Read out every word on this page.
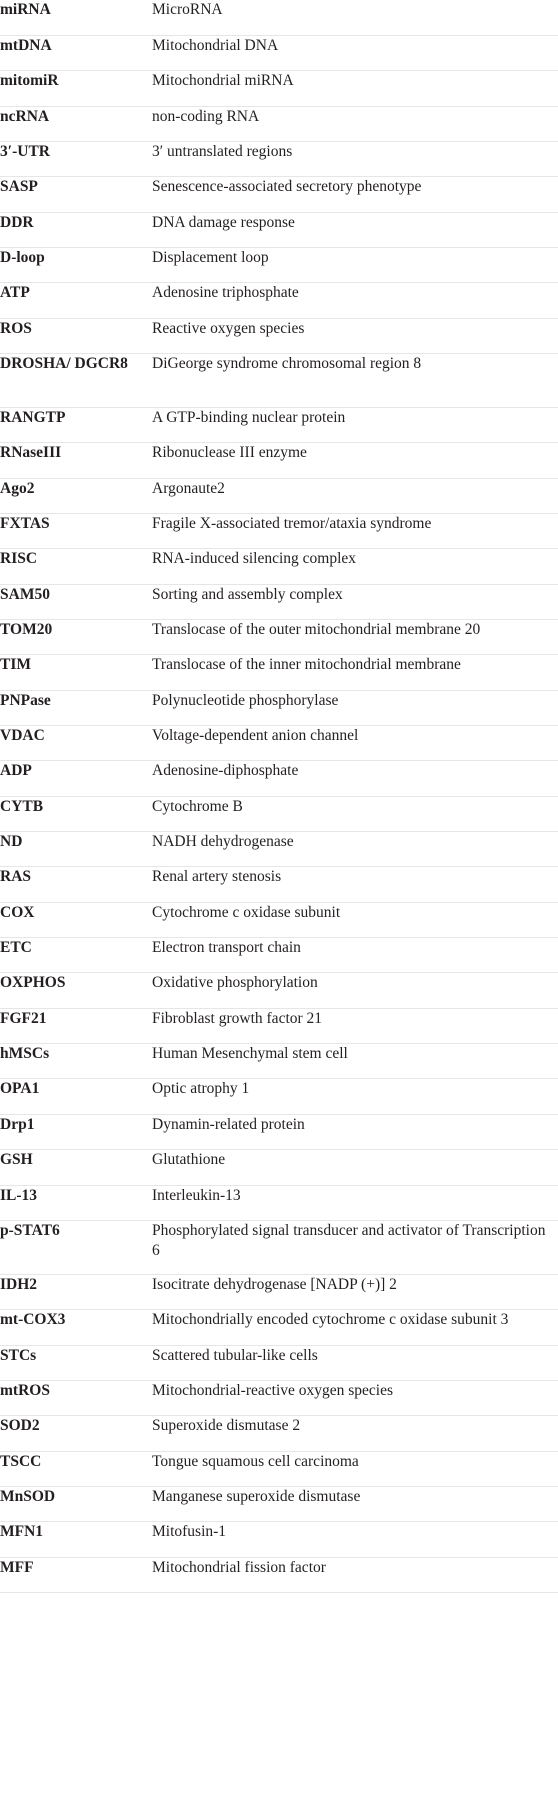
miRNA	MicroRNA
mtDNA	Mitochondrial DNA
mitomiR	Mitochondrial miRNA
ncRNA	non-coding RNA
3′-UTR	3′ untranslated regions
SASP	Senescence-associated secretory phenotype
DDR	DNA damage response
D-loop	Displacement loop
ATP	Adenosine triphosphate
ROS	Reactive oxygen species
DROSHA/ DGCR8	DiGeorge syndrome chromosomal region 8
RANGTP	A GTP-binding nuclear protein
RNaseIII	Ribonuclease III enzyme
Ago2	Argonaute2
FXTAS	Fragile X-associated tremor/ataxia syndrome
RISC	RNA-induced silencing complex
SAM50	Sorting and assembly complex
TOM20	Translocase of the outer mitochondrial membrane 20
TIM	Translocase of the inner mitochondrial membrane
PNPase	Polynucleotide phosphorylase
VDAC	Voltage-dependent anion channel
ADP	Adenosine-diphosphate
CYTB	Cytochrome B
ND	NADH dehydrogenase
RAS	Renal artery stenosis
COX	Cytochrome c oxidase subunit
ETC	Electron transport chain
OXPHOS	Oxidative phosphorylation
FGF21	Fibroblast growth factor 21
hMSCs	Human Mesenchymal stem cell
OPA1	Optic atrophy 1
Drp1	Dynamin-related protein
GSH	Glutathione
IL-13	Interleukin-13
p-STAT6	Phosphorylated signal transducer and activator of Transcription 6
IDH2	Isocitrate dehydrogenase [NADP (+)] 2
mt-COX3	Mitochondrially encoded cytochrome c oxidase subunit 3
STCs	Scattered tubular-like cells
mtROS	Mitochondrial-reactive oxygen species
SOD2	Superoxide dismutase 2
TSCC	Tongue squamous cell carcinoma
MnSOD	Manganese superoxide dismutase
MFN1	Mitofusin-1
MFF	Mitochondrial fission factor
